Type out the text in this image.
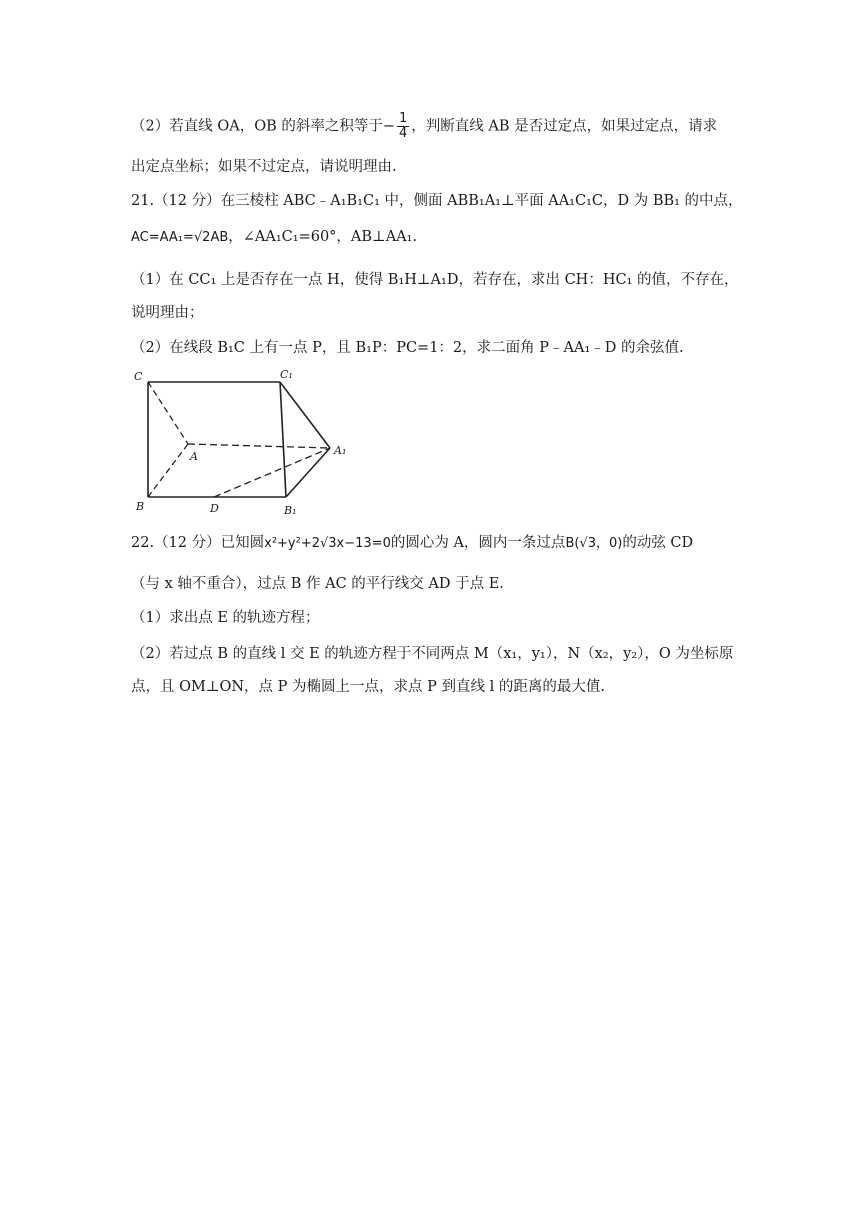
（2）若直线 OA，OB 的斜率之积等于− $\frac{1}{4}$ ，判断直线 AB 是否过定点，如果过定点，请求
出定点坐标；如果不过定点，请说明理由.
21.（12 分）在三棱柱 ABC﹣A₁B₁C₁ 中，侧面 ABB₁A₁⊥平面 AA₁C₁C，D 为 BB₁ 的中点，
AC=AA₁=√2AB，∠AA₁C₁=60°，AB⊥AA₁.
（1）在 CC₁ 上是否存在一点 H，使得 B₁H⊥A₁D，若存在，求出 CH：HC₁ 的值，不存在，
说明理由；
（2）在线段 B₁C 上有一点 P，且 B₁P：PC=1：2，求二面角 P﹣AA₁﹣D 的余弦值.
C	C₁
A	A₁
B	B₁
D
22.（12 分）已知圆x²+y²+2√3x−13=0的圆心为 A，圆内一条过点B(√3，0)的动弦 CD
（与 x 轴不重合），过点 B 作 AC 的平行线交 AD 于点 E.
（1）求出点 E 的轨迹方程；
（2）若过点 B 的直线 l 交 E 的轨迹方程于不同两点 M（x₁，y₁），N（x₂，y₂），O 为坐标原
点，且 OM⊥ON，点 P 为椭圆上一点，求点 P 到直线 l 的距离的最大值.
